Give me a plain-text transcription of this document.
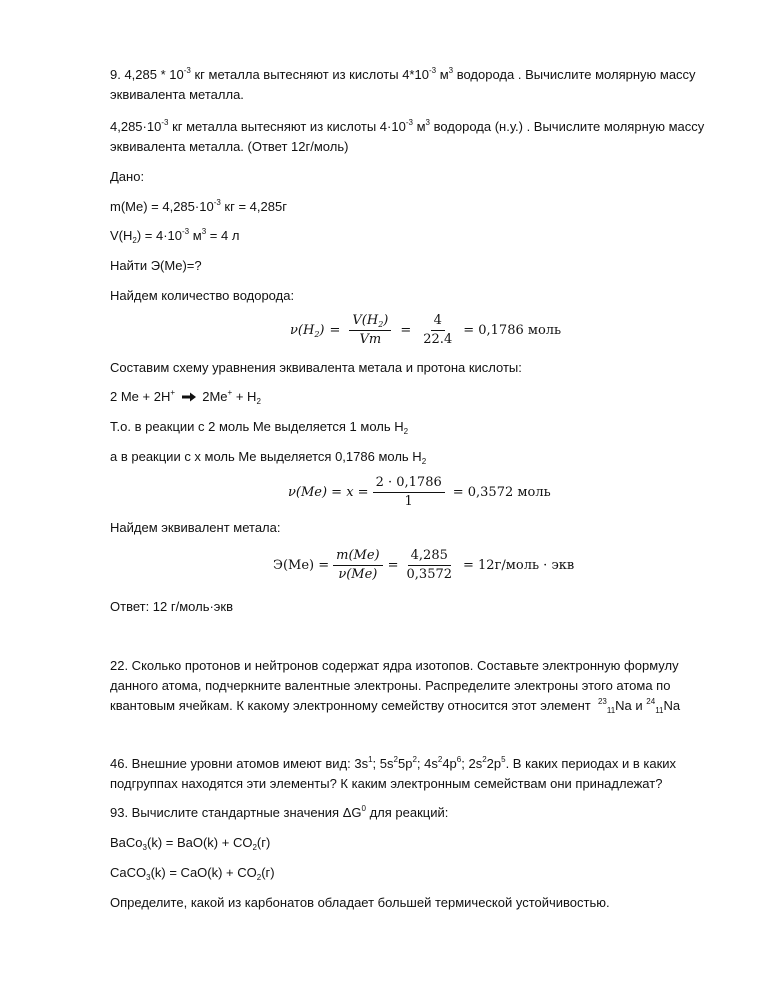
9. $4,285 * 10^{-3}$ кг металла вытесняют из кислоты $4*10^{-3}$ $м^3$ водорода . Вычислите молярную массу

эквивалента металла.

$4,285\cdot 10^{-3}$ кг металла вытесняют из кислоты $4\cdot 10^{-3}$ $м^3$ водорода (н.у.) . Вычислите молярную массу

эквивалента металла. (Ответ 12г/моль)

Дано:

$m(Me) = 4,285\cdot 10^{-3}$ кг = 4,285г

$V(H_2) = 4\cdot 10^{-3}$ $м^3 = 4$ л

Найти Э(Me)=?

Найдем количество водорода:

$\nu(H_2) = \frac{V(H_2)}{Vm} = \frac{4}{22.4} = 0,1786$ моль

Составим схему уравнения эквивалента метала и протона кислоты:

2 Me + 2H+  $2Me^+ + H_2$

Т.о. в реакции с 2 моль Me выделяется 1 моль $H_2$

а в реакции с x моль Me выделяется 0,1786 моль $H_2$

$\nu(Me) = x = \frac{2 \cdot 0,1786}{1} = 0,3572$ моль

Найдем эквивалент метала:

$Э(Me) = \frac{m(Me)}{\nu(Me)} = \frac{4,285}{0,3572}$ = 12г/моль · экв

Ответ: 12 г/моль·экв

22. Сколько протонов и нейтронов содержат ядра изотопов. Составьте электронную формулу

данного атома, подчеркните валентные электроны. Распределите электроны этого атома по

квантовым ячейкам. К какому электронному семейству относится этот элемент $^{23}_{11}$Na и $^{24}_{11}$Na

46. Внешние уровни атомов имеют вид: $3s^1$; $5s^25p^2$; $4s^24p^6$; $2s^22p^5$. В каких периодах и в каких

подгруппах находятся эти элементы? К каким электронным семействам они принадлежат?

93. Вычислите стандартные значения $\Delta G^0$ для реакций:

BaCo$_3$(k) = $BaO(k) + CO_2(г)$

CaCO$_3$(k) = $CaO(k) + CO_2(г)$

Определите, какой из карбонатов обладает большей термической устойчивостью.
